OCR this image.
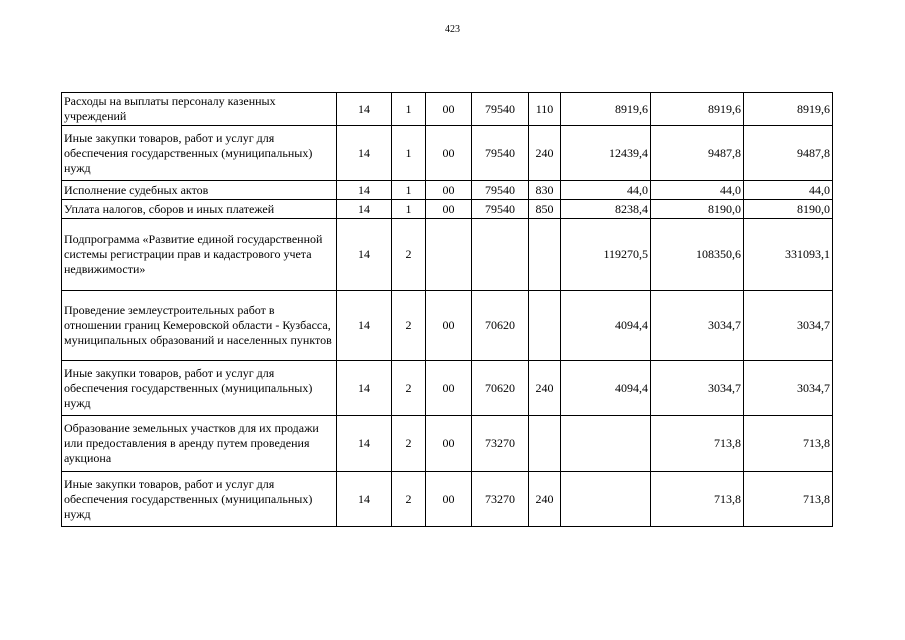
423
Расходы на выплаты персоналу казенных учреждений	14	1	00	79540	110	8919,6	8919,6	8919,6
Иные закупки товаров, работ и услуг для обеспечения государственных (муниципальных) нужд	14	1	00	79540	240	12439,4	9487,8	9487,8
Исполнение судебных актов	14	1	00	79540	830	44,0	44,0	44,0
Уплата налогов, сборов и иных платежей	14	1	00	79540	850	8238,4	8190,0	8190,0
Подпрограмма «Развитие единой государственной системы регистрации прав и кадастрового учета недвижимости»	14	2				119270,5	108350,6	331093,1
Проведение землеустроительных работ в отношении границ Кемеровской области - Кузбасса, муниципальных образований и населенных пунктов	14	2	00	70620		4094,4	3034,7	3034,7
Иные закупки товаров, работ и услуг для обеспечения государственных (муниципальных) нужд	14	2	00	70620	240	4094,4	3034,7	3034,7
Образование земельных участков для их продажи или предоставления в аренду путем проведения аукциона	14	2	00	73270			713,8	713,8
Иные закупки товаров, работ и услуг для обеспечения государственных (муниципальных) нужд	14	2	00	73270	240		713,8	713,8
